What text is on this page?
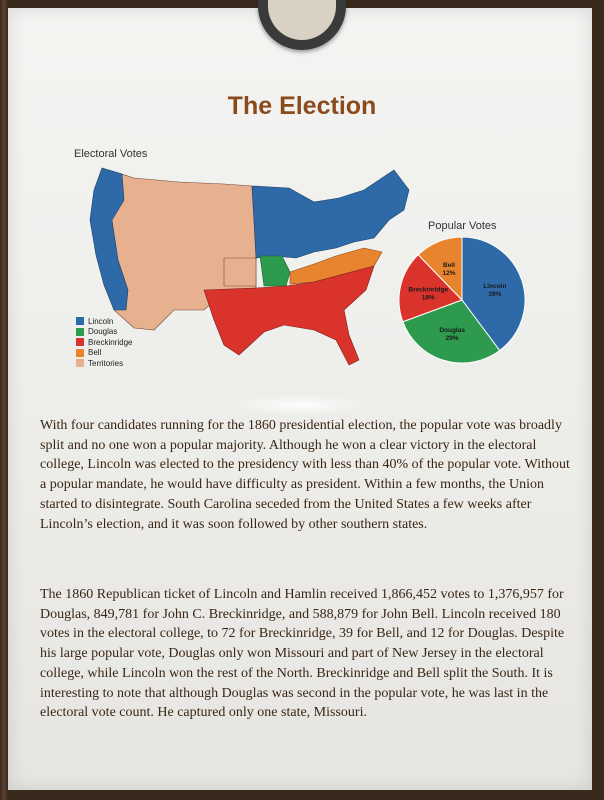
The Election
Electoral Votes
Lincoln
Douglas
Breckinridge
Bell
Territories
Popular Votes
Lincoln
39%
Douglas
29%
Breckinridge
18%
Bell
12%

With four candidates running for the 1860 presidential election, the popular vote was broadly split and no one won a popular majority. Although he won a clear victory in the electoral college, Lincoln was elected to the presidency with less than 40% of the popular vote. Without a popular mandate, he would have difficulty as president. Within a few months, the Union started to disintegrate. South Carolina seceded from the United States a few weeks after Lincoln’s election, and it was soon followed by other southern states.

The 1860 Republican ticket of Lincoln and Hamlin received 1,866,452 votes to 1,376,957 for Douglas, 849,781 for John C. Breckinridge, and 588,879 for John Bell. Lincoln received 180 votes in the electoral college, to 72 for Breckinridge, 39 for Bell, and 12 for Douglas. Despite his large popular vote, Douglas only won Missouri and part of New Jersey in the electoral college, while Lincoln won the rest of the North. Breckinridge and Bell split the South. It is interesting to note that although Douglas was second in the popular vote, he was last in the electoral vote count. He captured only one state, Missouri.
